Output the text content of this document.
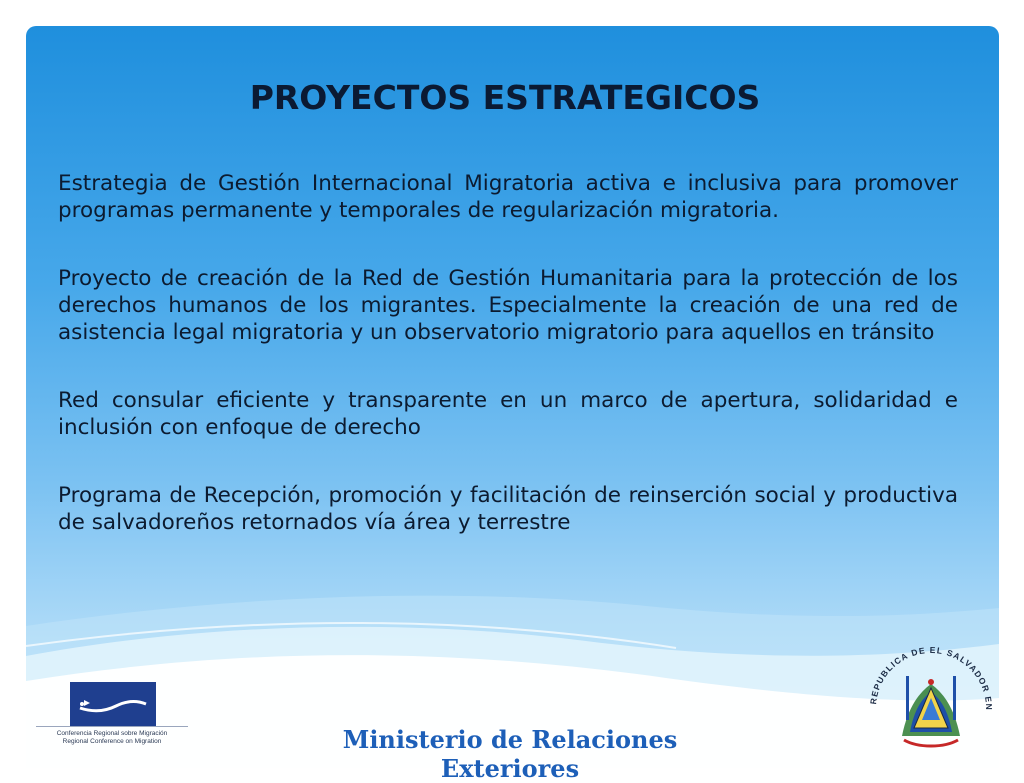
PROYECTOS ESTRATEGICOS

Estrategia de Gestión Internacional Migratoria activa e inclusiva para promover programas permanente y temporales de regularización migratoria.

Proyecto de creación de la Red de Gestión Humanitaria para la protección de los derechos humanos de los migrantes. Especialmente la creación de una red de asistencia legal migratoria y un observatorio migratorio para aquellos en tránsito

Red consular eficiente y transparente en un marco de apertura, solidaridad e inclusión con enfoque de derecho

Programa de Recepción, promoción y facilitación de reinserción social y productiva de salvadoreños retornados vía área y terrestre

Conferencia Regional sobre Migración
Regional Conference on Migration	Ministerio de Relaciones Exteriores

REPUBLICA DE EL SALVADOR EN
